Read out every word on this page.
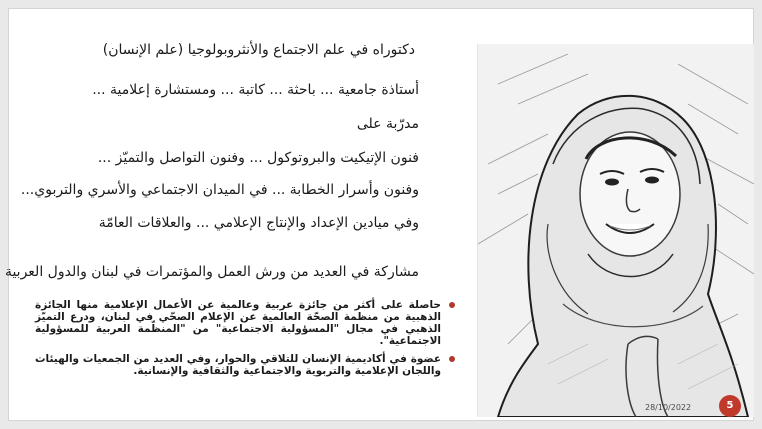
دكتوراه في علم الاجتماع والأنثروبولوجيا (علم الإنسان)
أستاذة جامعية ... باحثة ... كاتبة ... ومستشارة إعلامية ...
مدرّبة على
فنون الإتيكيت والبروتوكول ... وفنون التواصل والتميّز ...
وفنون وأسرار الخطابة ... في الميدان الاجتماعي والأسري والتربوي...
وفي ميادين الإعداد والإنتاج الإعلامي ... والعلاقات العامّة
مشاركة في العديد من ورش العمل والمؤتمرات في لبنان والدول العربية
حاصلة على أكثر من جائزة عربية وعالمية عن الأعمال الإعلامية منها الجائزة الذهبية من منظمة الصحّة العالمية عن الإعلام الصحّي في لبنان، ودرع التميّز الذهبي في مجال "المسؤولية الاجتماعية" من "المنظّمة العربية للمسؤولية الاجتماعية".
عضوة في أكاديمية الإنسان للتلاقي والحوار، وفي العديد من الجمعيات والهيئات واللجان الإعلامية والتربوية والاجتماعية والثقافية والإنسانية.
28/10/2022	5
